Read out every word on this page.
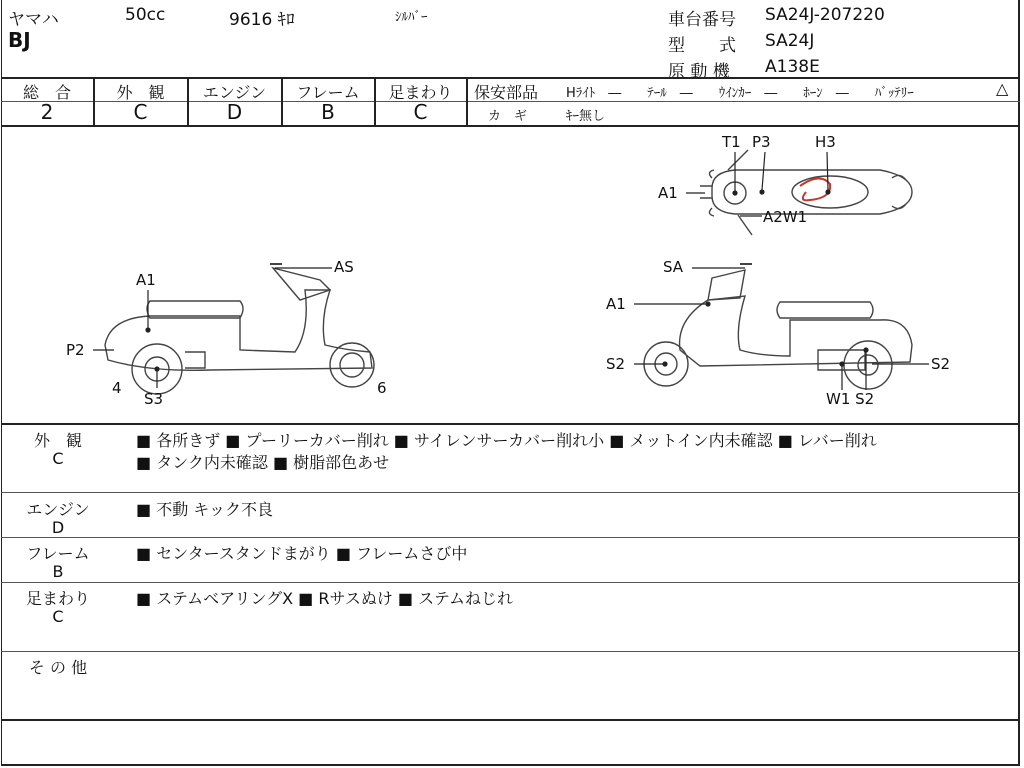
ヤマハ	50cc	9616 ｷﾛ	ｼﾙﾊﾞｰ
BJ
車台番号 SA24J-207220
型　　式 SA24J
原 動 機 A138E
総　合	外　観	エンジン	フレーム	足まわり
2	C	D	B	C
保安部品 Hﾗｲﾄ　―　　ﾃｰﾙ　―　　ｳｲﾝｶｰ　―　　ﾎｰﾝ　―　　ﾊﾞｯﾃﾘｰ	△
カ　ギ	ｷｰ無し
T1 P3	H3
A1
A2W1
A1
AS
P2
4
S3
6
SA
A1
S2	S2
W1 S2
外　観
C
■ 各所きず ■ プーリーカバー削れ ■ サイレンサーカバー削れ小 ■ メットイン内未確認 ■ レバー削れ
■ タンク内未確認 ■ 樹脂部色あせ
エンジン
D
■ 不動 キック不良
フレーム
B
■ センタースタンドまがり ■ フレームさび中
足まわり
C
■ ステムベアリングX ■ Rサスぬけ ■ ステムねじれ
そ の 他
